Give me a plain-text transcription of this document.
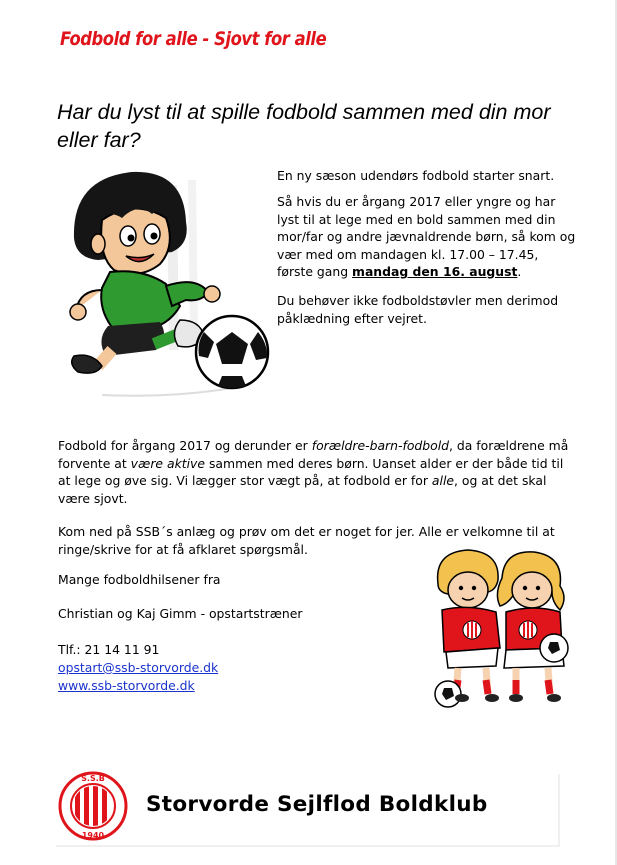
Fodbold for alle - Sjovt for alle
Har du lyst til at spille fodbold sammen med din mor eller far?

En ny sæson udendørs fodbold starter snart.

Så hvis du er årgang 2017 eller yngre og har lyst til at lege med en bold sammen med din mor/far og andre jævnaldrende børn, så kom og vær med om mandagen kl. 17.00 – 17.45, første gang mandag den 16. august.

Du behøver ikke fodboldstøvler men derimod påklædning efter vejret.

Fodbold for årgang 2017 og derunder er forældre-barn-fodbold, da forældrene må forvente at være aktive sammen med deres børn. Uanset alder er der både tid til at lege og øve sig. Vi lægger stor vægt på, at fodbold er for alle, og at det skal være sjovt.

Kom ned på SSB´s anlæg og prøv om det er noget for jer. Alle er velkomne til at ringe/skrive for at få afklaret spørgsmål.

Mange fodboldhilsener fra

Christian og Kaj Gimm - opstartstræner

Tlf.: 21 14 11 91

opstart@ssb-storvorde.dk

www.ssb-storvorde.dk

S.S.B
1940
Storvorde Sejlflod Boldklub
